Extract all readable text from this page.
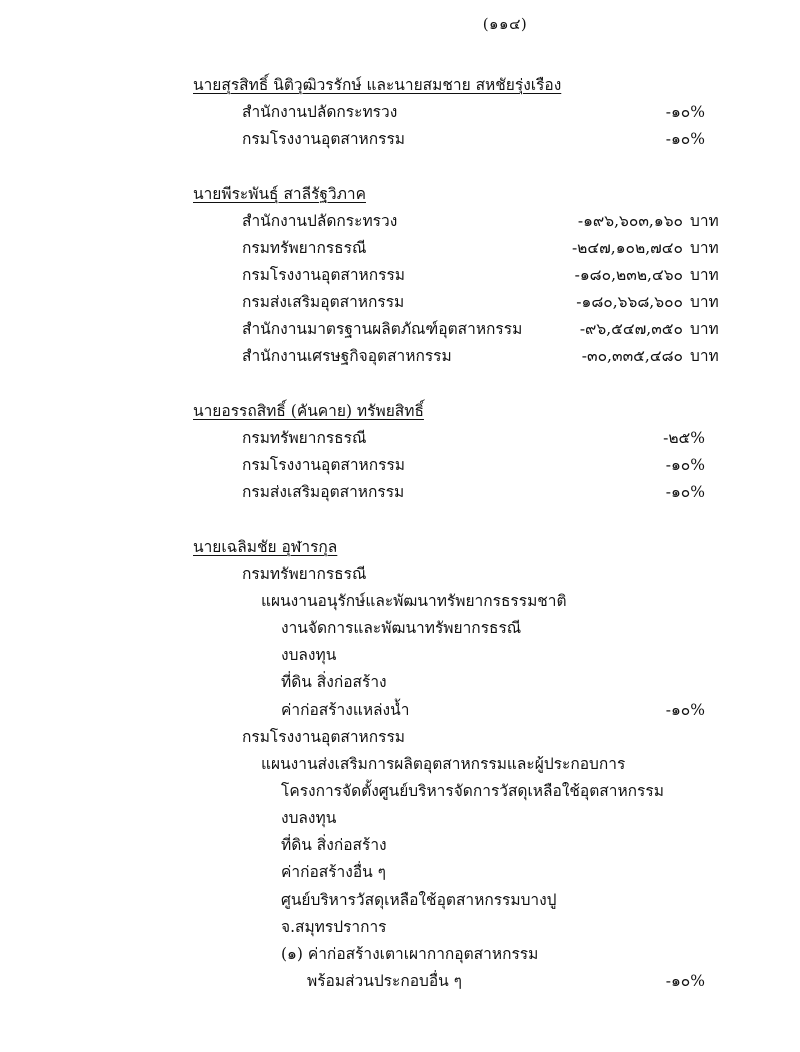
(๑๑๔)
นายสุรสิทธิ์ นิติวุฒิวรรักษ์ และนายสมชาย สหชัยรุ่งเรือง
สำนักงานปลัดกระทรวง	-๑๐%
กรมโรงงานอุตสาหกรรม	-๑๐%
นายพีระพันธุ์ สาลีรัฐวิภาค
สำนักงานปลัดกระทรวง	-๑๙๖,๖๐๓,๑๖๐ บาท
กรมทรัพยากรธรณี	-๒๔๗,๑๐๒,๗๔๐ บาท
กรมโรงงานอุตสาหกรรม	-๑๘๐,๒๓๒,๔๖๐ บาท
กรมส่งเสริมอุตสาหกรรม	-๑๘๐,๖๖๘,๖๐๐ บาท
สำนักงานมาตรฐานผลิตภัณฑ์อุตสาหกรรม	-๙๖,๕๔๗,๓๕๐ บาท
สำนักงานเศรษฐกิจอุตสาหกรรม	-๓๐,๓๓๕,๔๘๐ บาท
นายอรรถสิทธิ์ (คันคาย) ทรัพยสิทธิ์
กรมทรัพยากรธรณี	-๒๕%
กรมโรงงานอุตสาหกรรม	-๑๐%
กรมส่งเสริมอุตสาหกรรม	-๑๐%
นายเฉลิมชัย อุฬารกุล
กรมทรัพยากรธรณี
แผนงานอนุรักษ์และพัฒนาทรัพยากรธรรมชาติ
งานจัดการและพัฒนาทรัพยากรธรณี
งบลงทุน
ที่ดิน สิ่งก่อสร้าง
ค่าก่อสร้างแหล่งน้ำ	-๑๐%
กรมโรงงานอุตสาหกรรม
แผนงานส่งเสริมการผลิตอุตสาหกรรมและผู้ประกอบการ
โครงการจัดตั้งศูนย์บริหารจัดการวัสดุเหลือใช้อุตสาหกรรม
งบลงทุน
ที่ดิน สิ่งก่อสร้าง
ค่าก่อสร้างอื่น ๆ
ศูนย์บริหารวัสดุเหลือใช้อุตสาหกรรมบางปู
จ.สมุทรปราการ
(๑) ค่าก่อสร้างเตาเผากากอุตสาหกรรม
พร้อมส่วนประกอบอื่น ๆ	-๑๐%
